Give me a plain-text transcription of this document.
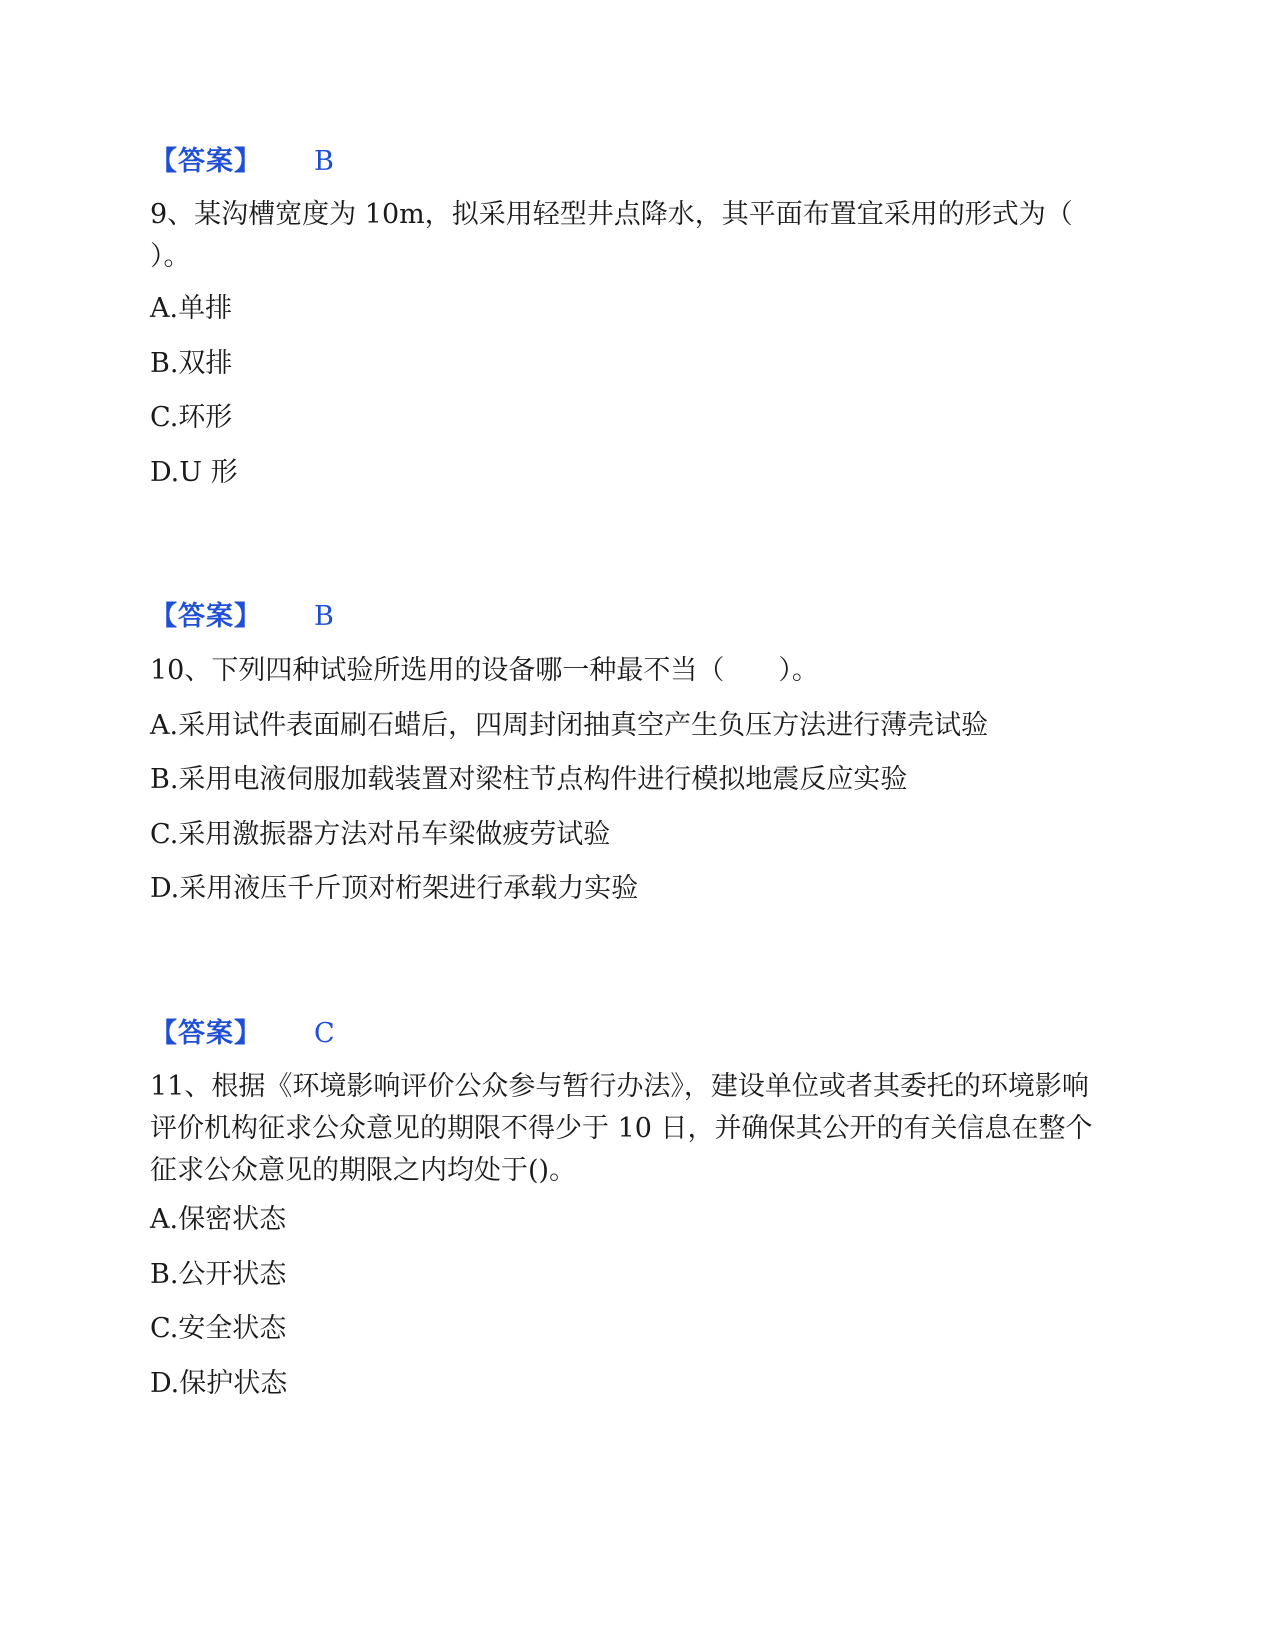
【答案】 B

9、某沟槽宽度为 10m，拟采用轻型井点降水，其平面布置宜采用的形式为（ ）。

A.单排
B.双排
C.环形
D.U 形
【答案】 B

10、下列四种试验所选用的设备哪一种最不当（　　）。

A.采用试件表面刷石蜡后，四周封闭抽真空产生负压方法进行薄壳试验
B.采用电液伺服加载装置对梁柱节点构件进行模拟地震反应实验
C.采用激振器方法对吊车梁做疲劳试验
D.采用液压千斤顶对桁架进行承载力实验
【答案】 C

11、根据《环境影响评价公众参与暂行办法》，建设单位或者其委托的环境影响评价机构征求公众意见的期限不得少于 10 日，并确保其公开的有关信息在整个征求公众意见的期限之内均处于()。

A.保密状态
B.公开状态
C.安全状态
D.保护状态
